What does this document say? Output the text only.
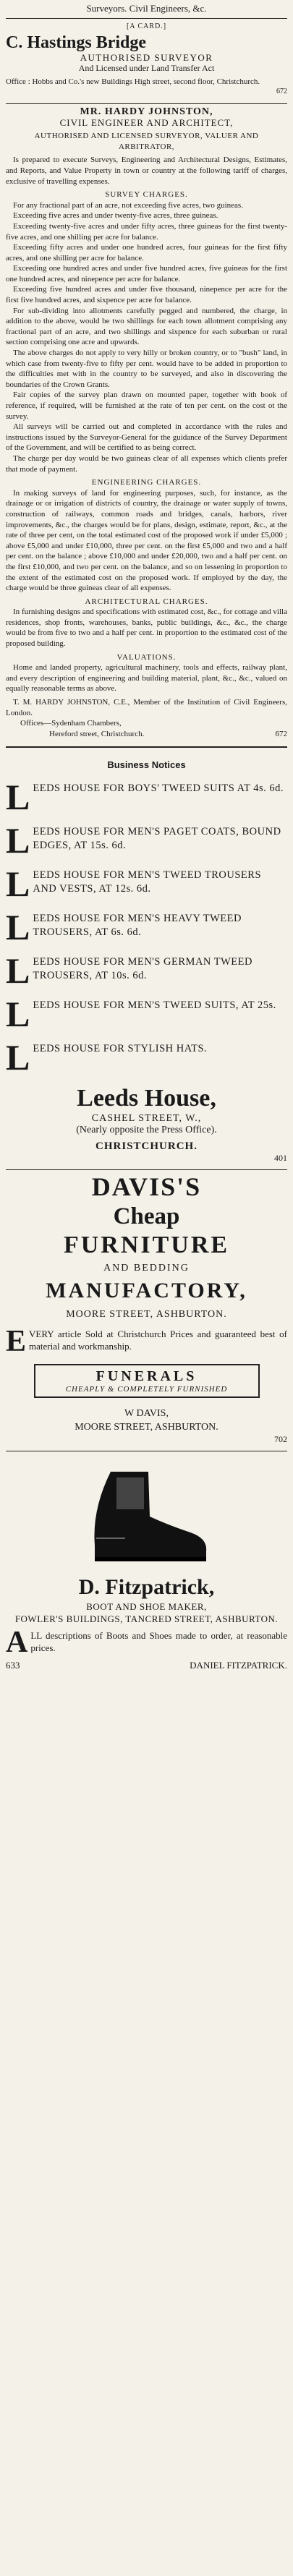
Surveyors. Civil Engineers, &c.
[A CARD.]
C. Hastings Bridge
AUTHORISED SURVEYOR
And Licensed under Land Transfer Act

Office : Hobbs and Co.'s new Buildings High street, second floor, Christchurch.

672
MR. HARDY JOHNSTON,
CIVIL ENGINEER AND ARCHITECT,
AUTHORISED AND LICENSED SURVEYOR, VALUER AND ARBITRATOR,

Is prepared to execute Surveys, Engineering and Architectural Designs, Estimates, and Reports, and Value Property in town or country at the following tariff of charges, exclusive of travelling expenses.

SURVEY CHARGES.

For any fractional part of an acre, not exceeding five acres, two guineas.

Exceeding five acres and under twenty-five acres, three guineas.

Exceeding twenty-five acres and under fifty acres, three guineas for the first twenty-five acres, and one shilling per acre for balance.

Exceeding fifty acres and under one hundred acres, four guineas for the first fifty acres, and one shilling per acre for balance.

Exceeding one hundred acres and under five hundred acres, five guineas for the first one hundred acres, and ninepence per acre for balance.

Exceeding five hundred acres and under five thousand, ninepence per acre for the first five hundred acres, and sixpence per acre for balance.

For sub-dividing into allotments carefully pegged and numbered, the charge, in addition to the above, would be two shillings for each town allotment comprising any fractional part of an acre, and two shillings and sixpence for each suburban or rural section comprising one acre and upwards.

The above charges do not apply to very hilly or broken country, or to "bush" land, in which case from twenty-five to fifty per cent. would have to be added in proportion to the difficulties met with in the country to be surveyed, and also in discovering the boundaries of the Crown Grants.

Fair copies of the survey plan drawn on mounted paper, together with book of reference, if required, will be furnished at the rate of ten per cent. on the cost ot the survey.

All surveys will be carried out and completed in accordance with the rules and instructions issued by the Surveyor-General for the guidance of the Survey Department of the Government, and will be certified to as being correct.

The charge per day would be two guineas clear of all expenses which clients prefer that mode of payment.

ENGINEERING CHARGES.

In making surveys of land for engineering purposes, such, for instance, as the drainage or or irrigation of districts of country, the drainage or water supply of towns, construction of railways, common roads and bridges, canals, harbors, river improvements, &c., the charges would be for plans, design, estimate, report, &c., at the rate of three per cent, on the total estimated cost of the proposed work if under £5,000 ; above £5,000 and under £10,000, three per cent. on the first £5,000 and two and a half per cent. on the balance ; above £10,000 and under £20,000, two and a half per cent. on the first £10,000, and two per cent. on the balance, and so on lessening in proportion to the extent of the estimated cost on the proposed work. If employed by the day, the charge would be three guineas clear of all expenses.

ARCHITECTURAL CHARGES.

In furnishing designs and specifications with estimated cost, &c., for cottage and villa residences, shop fronts, warehouses, banks, public buildings, &c., &c., the charge would be from five to two and a half per cent. in proportion to the estimated cost of the proposed building.

VALUATIONS.

Home and landed property, agricultural machinery, tools and effects, railway plant, and every description of engineering and building material, plant, &c., &c., valued on equally reasonable terms as above.

T. M. HARDY JOHNSTON, C.E., Member of the Institution of Civil Engineers, London.

Offices—Sydenham Chambers,

Hereford street, Christchurch.	672
Business Notices
L EEDS HOUSE FOR BOYS' TWEED SUITS AT 4s. 6d.
L EEDS HOUSE FOR MEN'S PAGET COATS, BOUND EDGES, AT 15s. 6d.
L EEDS HOUSE FOR MEN'S TWEED TROUSERS AND VESTS, AT 12s. 6d.
L EEDS HOUSE FOR MEN'S HEAVY TWEED TROUSERS, AT 6s. 6d.
L EEDS HOUSE FOR MEN'S GERMAN TWEED TROUSERS, AT 10s. 6d.
L EEDS HOUSE FOR MEN'S TWEED SUITS, AT 25s.
L EEDS HOUSE FOR STYLISH HATS.
Leeds House,
CASHEL STREET, W.,
(Nearly opposite the Press Office).
CHRISTCHURCH.
401
DAVIS'S
Cheap
FURNITURE
AND BEDDING
MANUFACTORY,
MOORE STREET, ASHBURTON.
E VERY article Sold at Christchurch Prices and guaranteed best of material and workmanship.
FUNERALS
CHEAPLY & COMPLETELY FURNISHED
W DAVIS,
MOORE STREET, ASHBURTON.
702
D. Fitzpatrick,
BOOT AND SHOE MAKER,
FOWLER'S BUILDINGS, TANCRED STREET, ASHBURTON.
A LL descriptions of Boots and Shoes made to order, at reasonable prices.
633	DANIEL FITZPATRICK.
